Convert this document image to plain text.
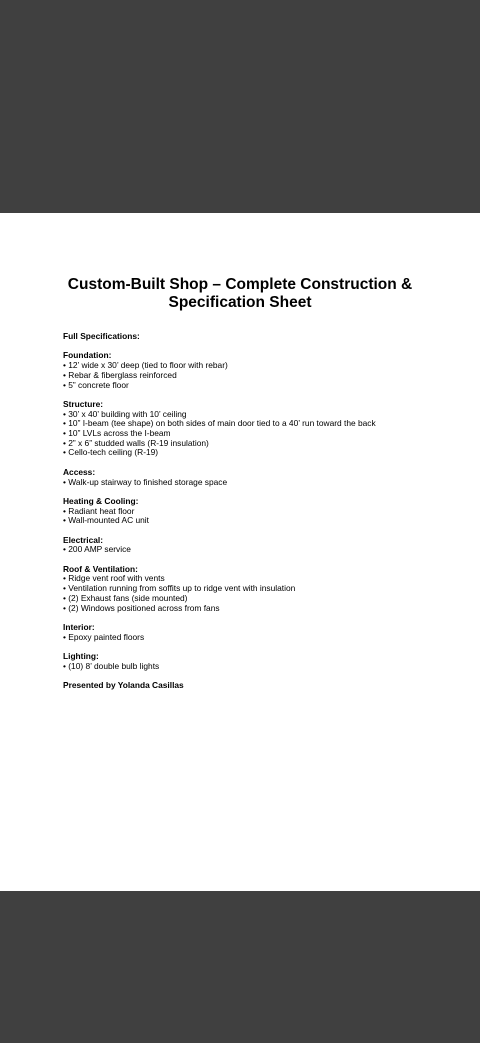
Custom-Built Shop – Complete Construction & Specification Sheet

Full Specifications:

Foundation:

• 12’ wide x 30’ deep (tied to floor with rebar)
• Rebar & fiberglass reinforced
• 5” concrete floor

Structure:

• 30’ x 40’ building with 10’ ceiling
• 10” I-beam (tee shape) on both sides of main door tied to a 40’ run toward the back
• 10” LVLs across the I-beam
• 2” x 6” studded walls (R-19 insulation)
• Cello-tech ceiling (R-19)

Access:

• Walk-up stairway to finished storage space

Heating & Cooling:

• Radiant heat floor
• Wall-mounted AC unit

Electrical:

• 200 AMP service

Roof & Ventilation:

• Ridge vent roof with vents
• Ventilation running from soffits up to ridge vent with insulation
• (2) Exhaust fans (side mounted)
• (2) Windows positioned across from fans

Interior:

• Epoxy painted floors

Lighting:

• (10) 8’ double bulb lights

Presented by Yolanda Casillas
